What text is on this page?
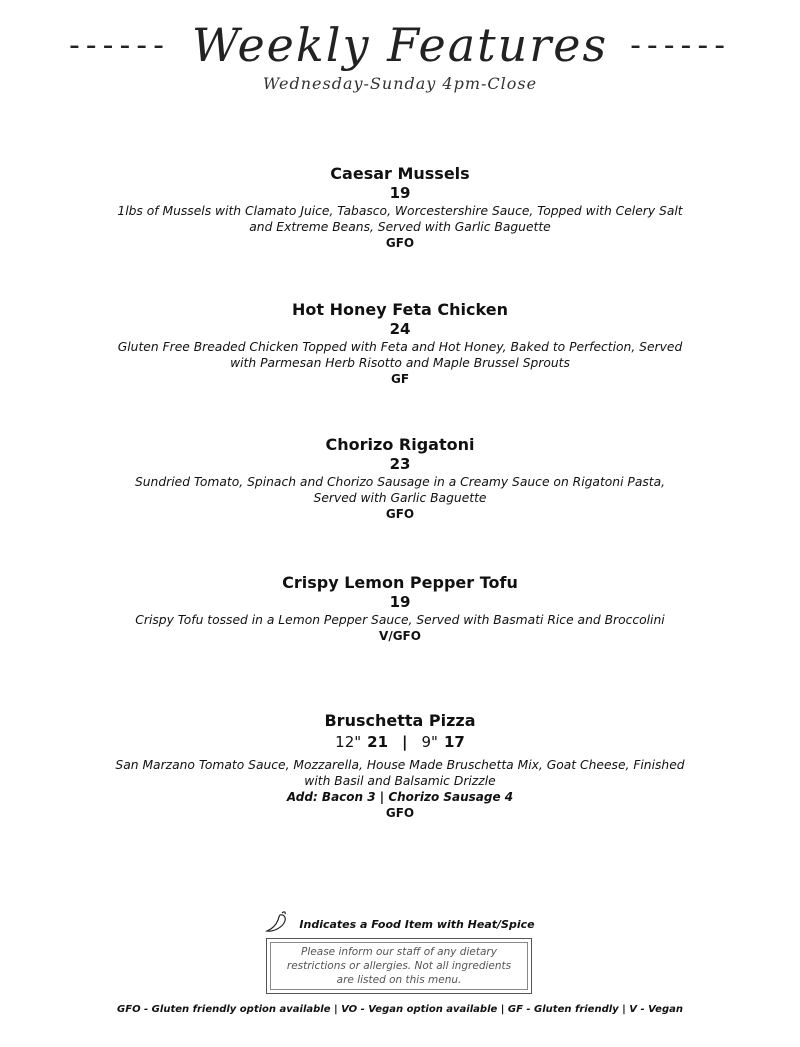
------ Weekly Features ------
Wednesday-Sunday 4pm-Close
Caesar Mussels
19
1lbs of Mussels with Clamato Juice, Tabasco, Worcestershire Sauce, Topped with Celery Salt and Extreme Beans, Served with Garlic Baguette
GFO
Hot Honey Feta Chicken
24
Gluten Free Breaded Chicken Topped with Feta and Hot Honey, Baked to Perfection, Served with Parmesan Herb Risotto and Maple Brussel Sprouts
GF
Chorizo Rigatoni
23
Sundried Tomato, Spinach and Chorizo Sausage in a Creamy Sauce on Rigatoni Pasta, Served with Garlic Baguette
GFO
Crispy Lemon Pepper Tofu
19
Crispy Tofu tossed in a Lemon Pepper Sauce, Served with Basmati Rice and Broccolini
V/GFO
Bruschetta Pizza
12" 21 | 9" 17
San Marzano Tomato Sauce, Mozzarella, House Made Bruschetta Mix, Goat Cheese, Finished with Basil and Balsamic Drizzle
Add: Bacon 3 | Chorizo Sausage 4
GFO
Indicates a Food Item with Heat/Spice
Please inform our staff of any dietary restrictions or allergies. Not all ingredients are listed on this menu.
GFO - Gluten friendly option available | VO - Vegan option available | GF - Gluten friendly | V - Vegan
